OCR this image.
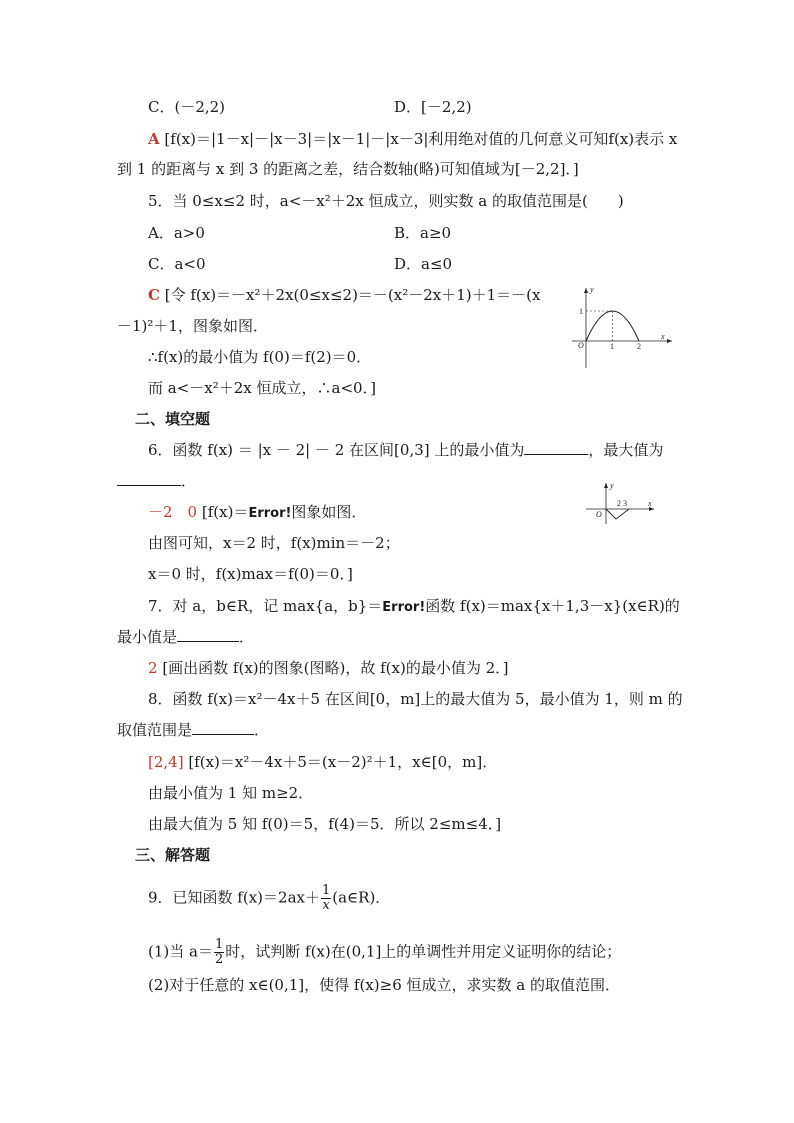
C．(－2,2)	D．[－2,2)
A [f(x)＝|1－x|－|x－3|＝|x－1|－|x－3|利用绝对值的几何意义可知f(x)表示 x
到 1 的距离与 x 到 3 的距离之差，结合数轴(略)可知值域为[－2,2]．]
5．当 0≤x≤2 时，a<－x²＋2x 恒成立，则实数 a 的取值范围是(　　)
A．a>0	B．a≥0
C．a<0	D．a≤0
C [令 f(x)＝－x²＋2x(0≤x≤2)＝－(x²－2x＋1)＋1＝－(x
－1)²＋1，图象如图．
∴f(x)的最小值为 f(0)＝f(2)＝0．
而 a<－x²＋2x 恒成立，∴a<0．]
y
x
O
1
1	2
二、填空题
6．函数 f(x) ＝ |x － 2| － 2 在区间[0,3] 上的最小值为	，最大值为
．
－2　0 [f(x)＝Error!图象如图．
由图可知，x＝2 时，f(x)min＝－2；
x＝0 时，f(x)max＝f(0)＝0．]
y
x
O
2 3
7．对 a，b∈R，记 max{a，b}＝Error!函数 f(x)＝max{x＋1,3－x}(x∈R)的
最小值是	．
2 [画出函数 f(x)的图象(图略)，故 f(x)的最小值为 2．]
8．函数 f(x)＝x²－4x＋5 在区间[0，m]上的最大值为 5，最小值为 1，则 m 的
取值范围是	．
[2,4] [f(x)＝x²－4x＋5＝(x－2)²＋1，x∈[0，m]．
由最小值为 1 知 m≥2．
由最大值为 5 知 f(0)＝5，f(4)＝5．所以 2≤m≤4．]
三、解答题
9．已知函数 $f(x)=2ax+ \frac{1}{x}$ (a∈R)．
(1)当 $a= \frac{1}{2}$ 时，试判断 f(x)在(0,1]上的单调性并用定义证明你的结论；
(2)对于任意的 x∈(0,1]，使得 f(x)≥6 恒成立，求实数 a 的取值范围．
